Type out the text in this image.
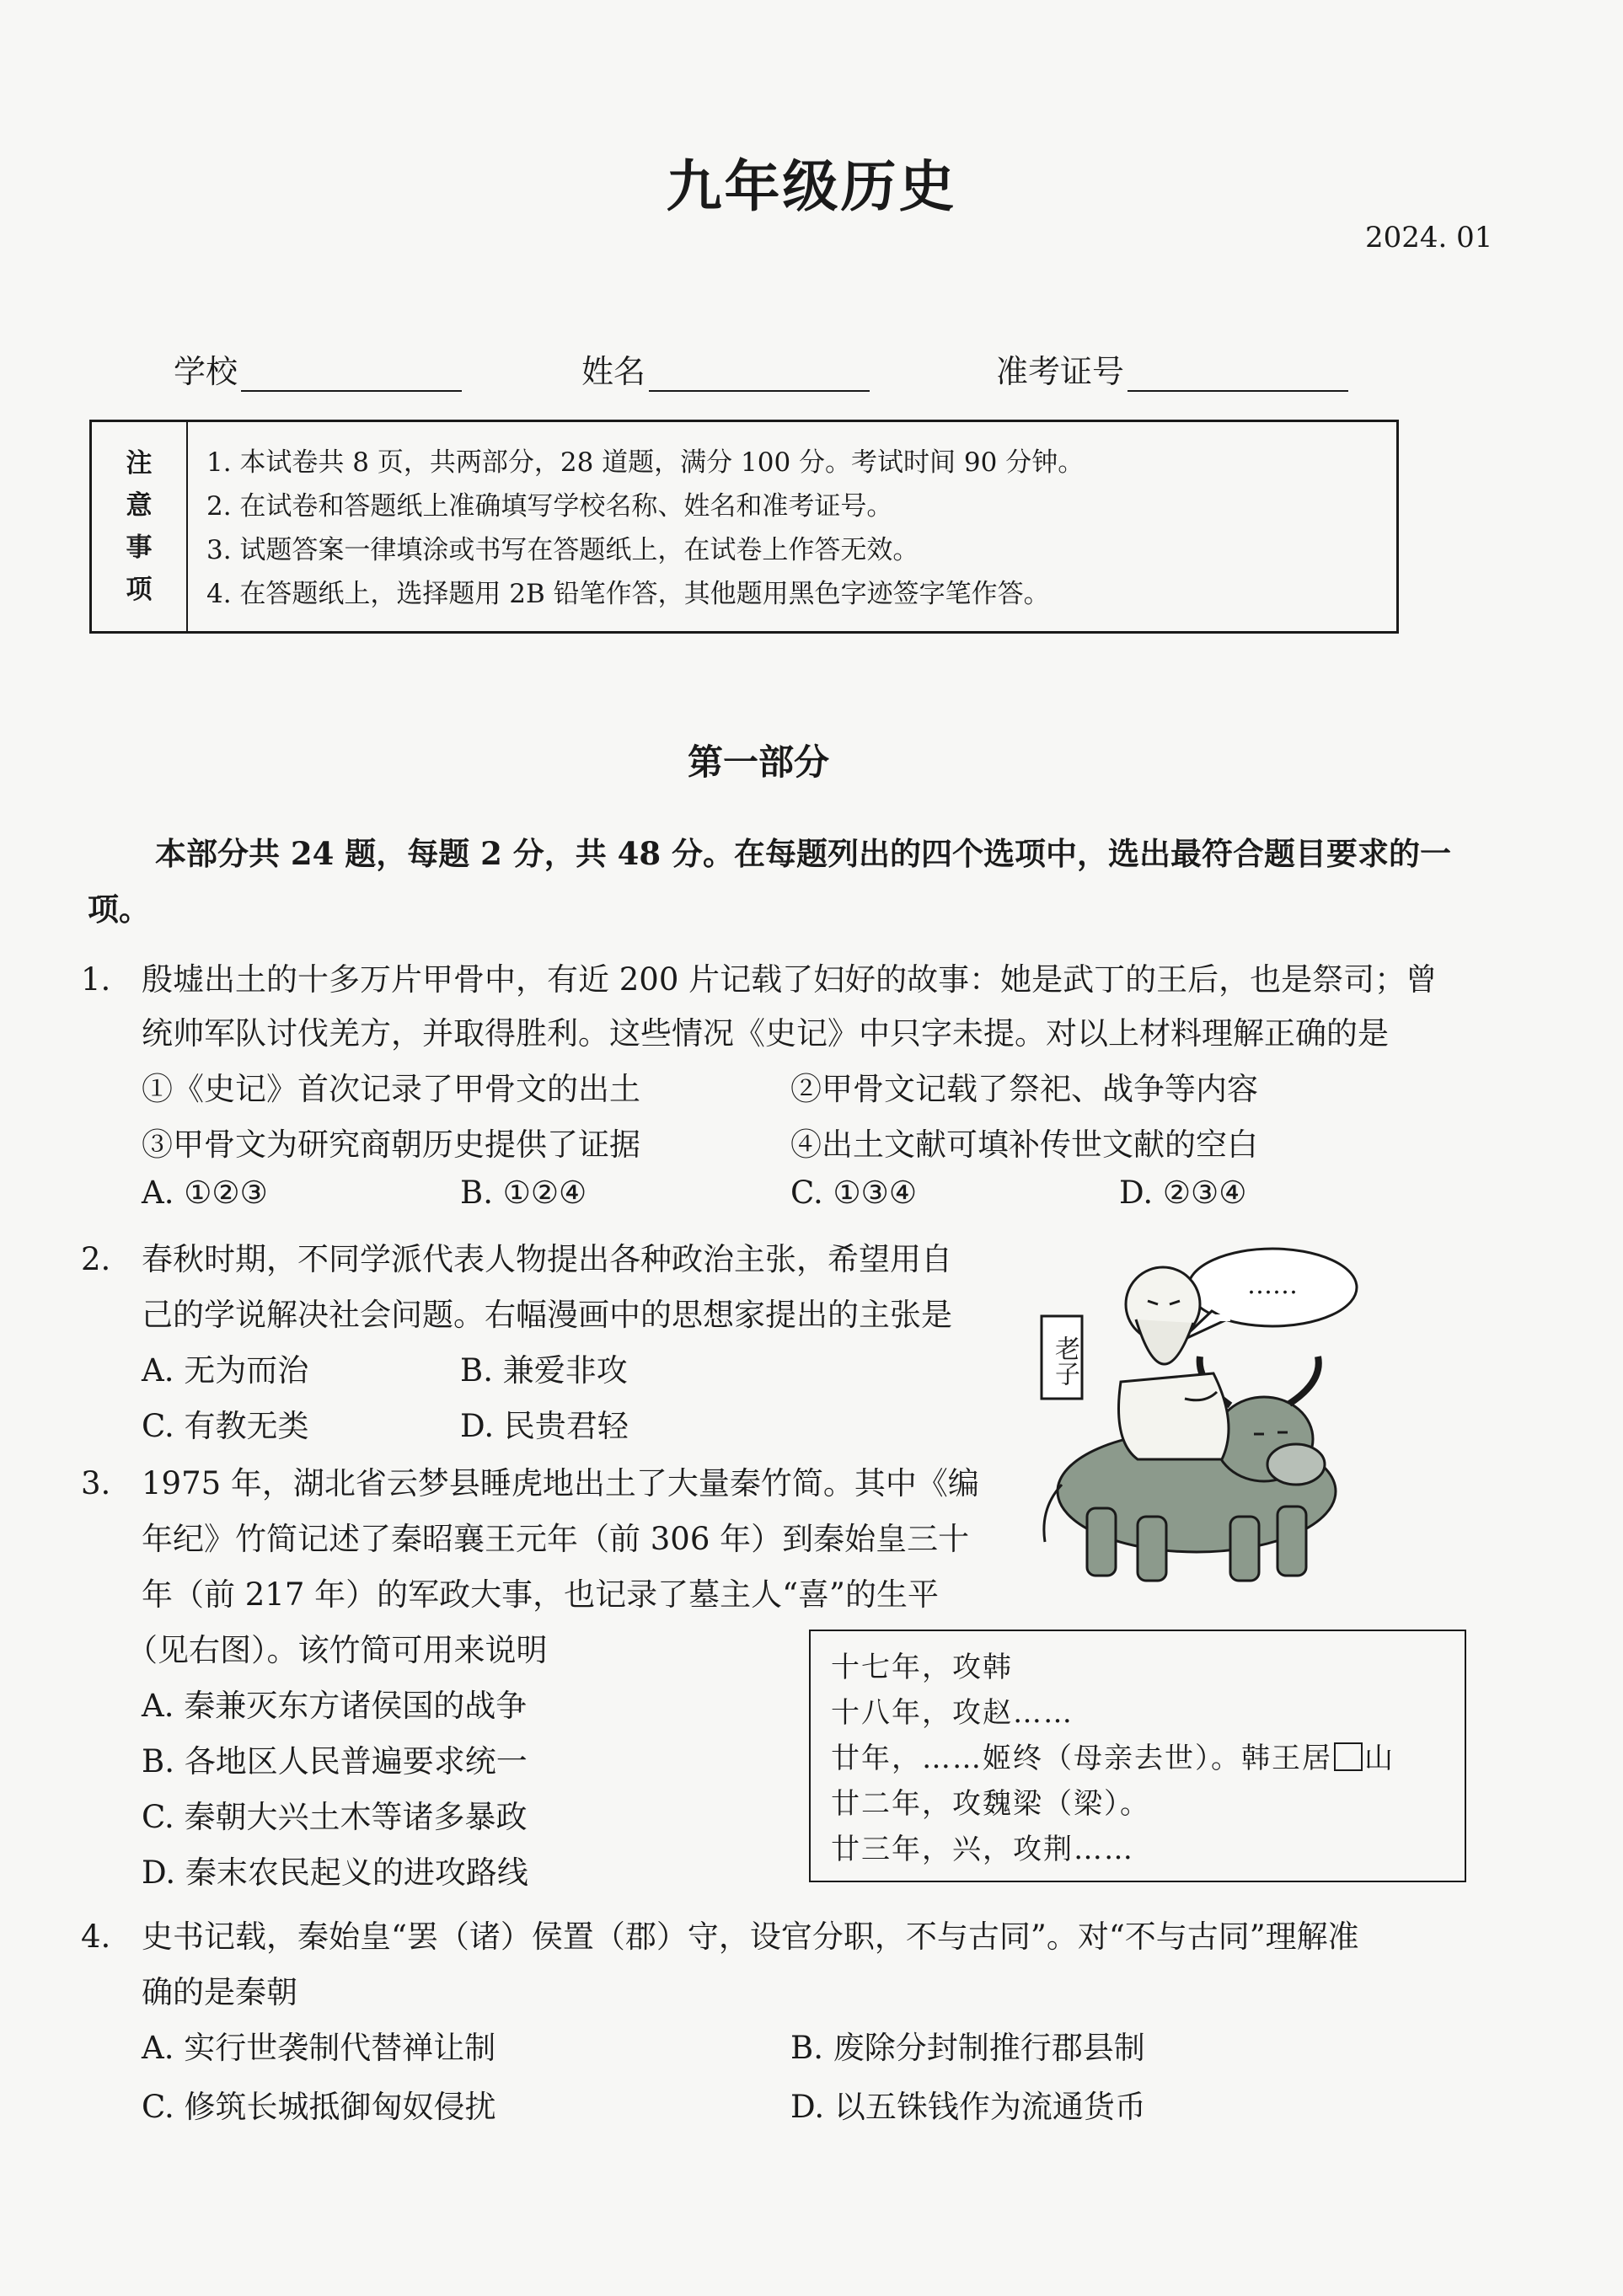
九年级历史
2024. 01
学校	姓名	准考证号
注
意
事
项
1. 本试卷共 8 页，共两部分，28 道题，满分 100 分。考试时间 90 分钟。
2. 在试卷和答题纸上准确填写学校名称、姓名和准考证号。
3. 试题答案一律填涂或书写在答题纸上，在试卷上作答无效。
4. 在答题纸上，选择题用 2B 铅笔作答，其他题用黑色字迹签字笔作答。
第一部分
本部分共 24 题，每题 2 分，共 48 分。在每题列出的四个选项中，选出最符合题目要求的一项。
1. 殷墟出土的十多万片甲骨中，有近 200 片记载了妇好的故事：她是武丁的王后，也是祭司；曾
统帅军队讨伐羌方，并取得胜利。这些情况《史记》中只字未提。对以上材料理解正确的是
①《史记》首次记录了甲骨文的出土	②甲骨文记载了祭祀、战争等内容
③甲骨文为研究商朝历史提供了证据	④出土文献可填补传世文献的空白
A. ①②③	B. ①②④	C. ①③④	D. ②③④
2. 春秋时期，不同学派代表人物提出各种政治主张，希望用自
己的学说解决社会问题。右幅漫画中的思想家提出的主张是
A. 无为而治	B. 兼爱非攻
C. 有教无类	D. 民贵君轻
老子
……
3. 1975 年，湖北省云梦县睡虎地出土了大量秦竹简。其中《编
年纪》竹简记述了秦昭襄王元年（前 306 年）到秦始皇三十
年（前 217 年）的军政大事，也记录了墓主人“喜”的生平
（见右图）。该竹简可用来说明
A. 秦兼灭东方诸侯国的战争
B. 各地区人民普遍要求统一
C. 秦朝大兴土木等诸多暴政
D. 秦末农民起义的进攻路线
十七年，攻韩
十八年，攻赵……
廿年，……姬终（母亲去世）。韩王居 山
廿二年，攻魏梁（梁）。
廿三年，兴，攻荆……
4. 史书记载，秦始皇“罢（诸）侯置（郡）守，设官分职，不与古同”。对“不与古同”理解准
确的是秦朝
A. 实行世袭制代替禅让制	B. 废除分封制推行郡县制
C. 修筑长城抵御匈奴侵扰	D. 以五铢钱作为流通货币
